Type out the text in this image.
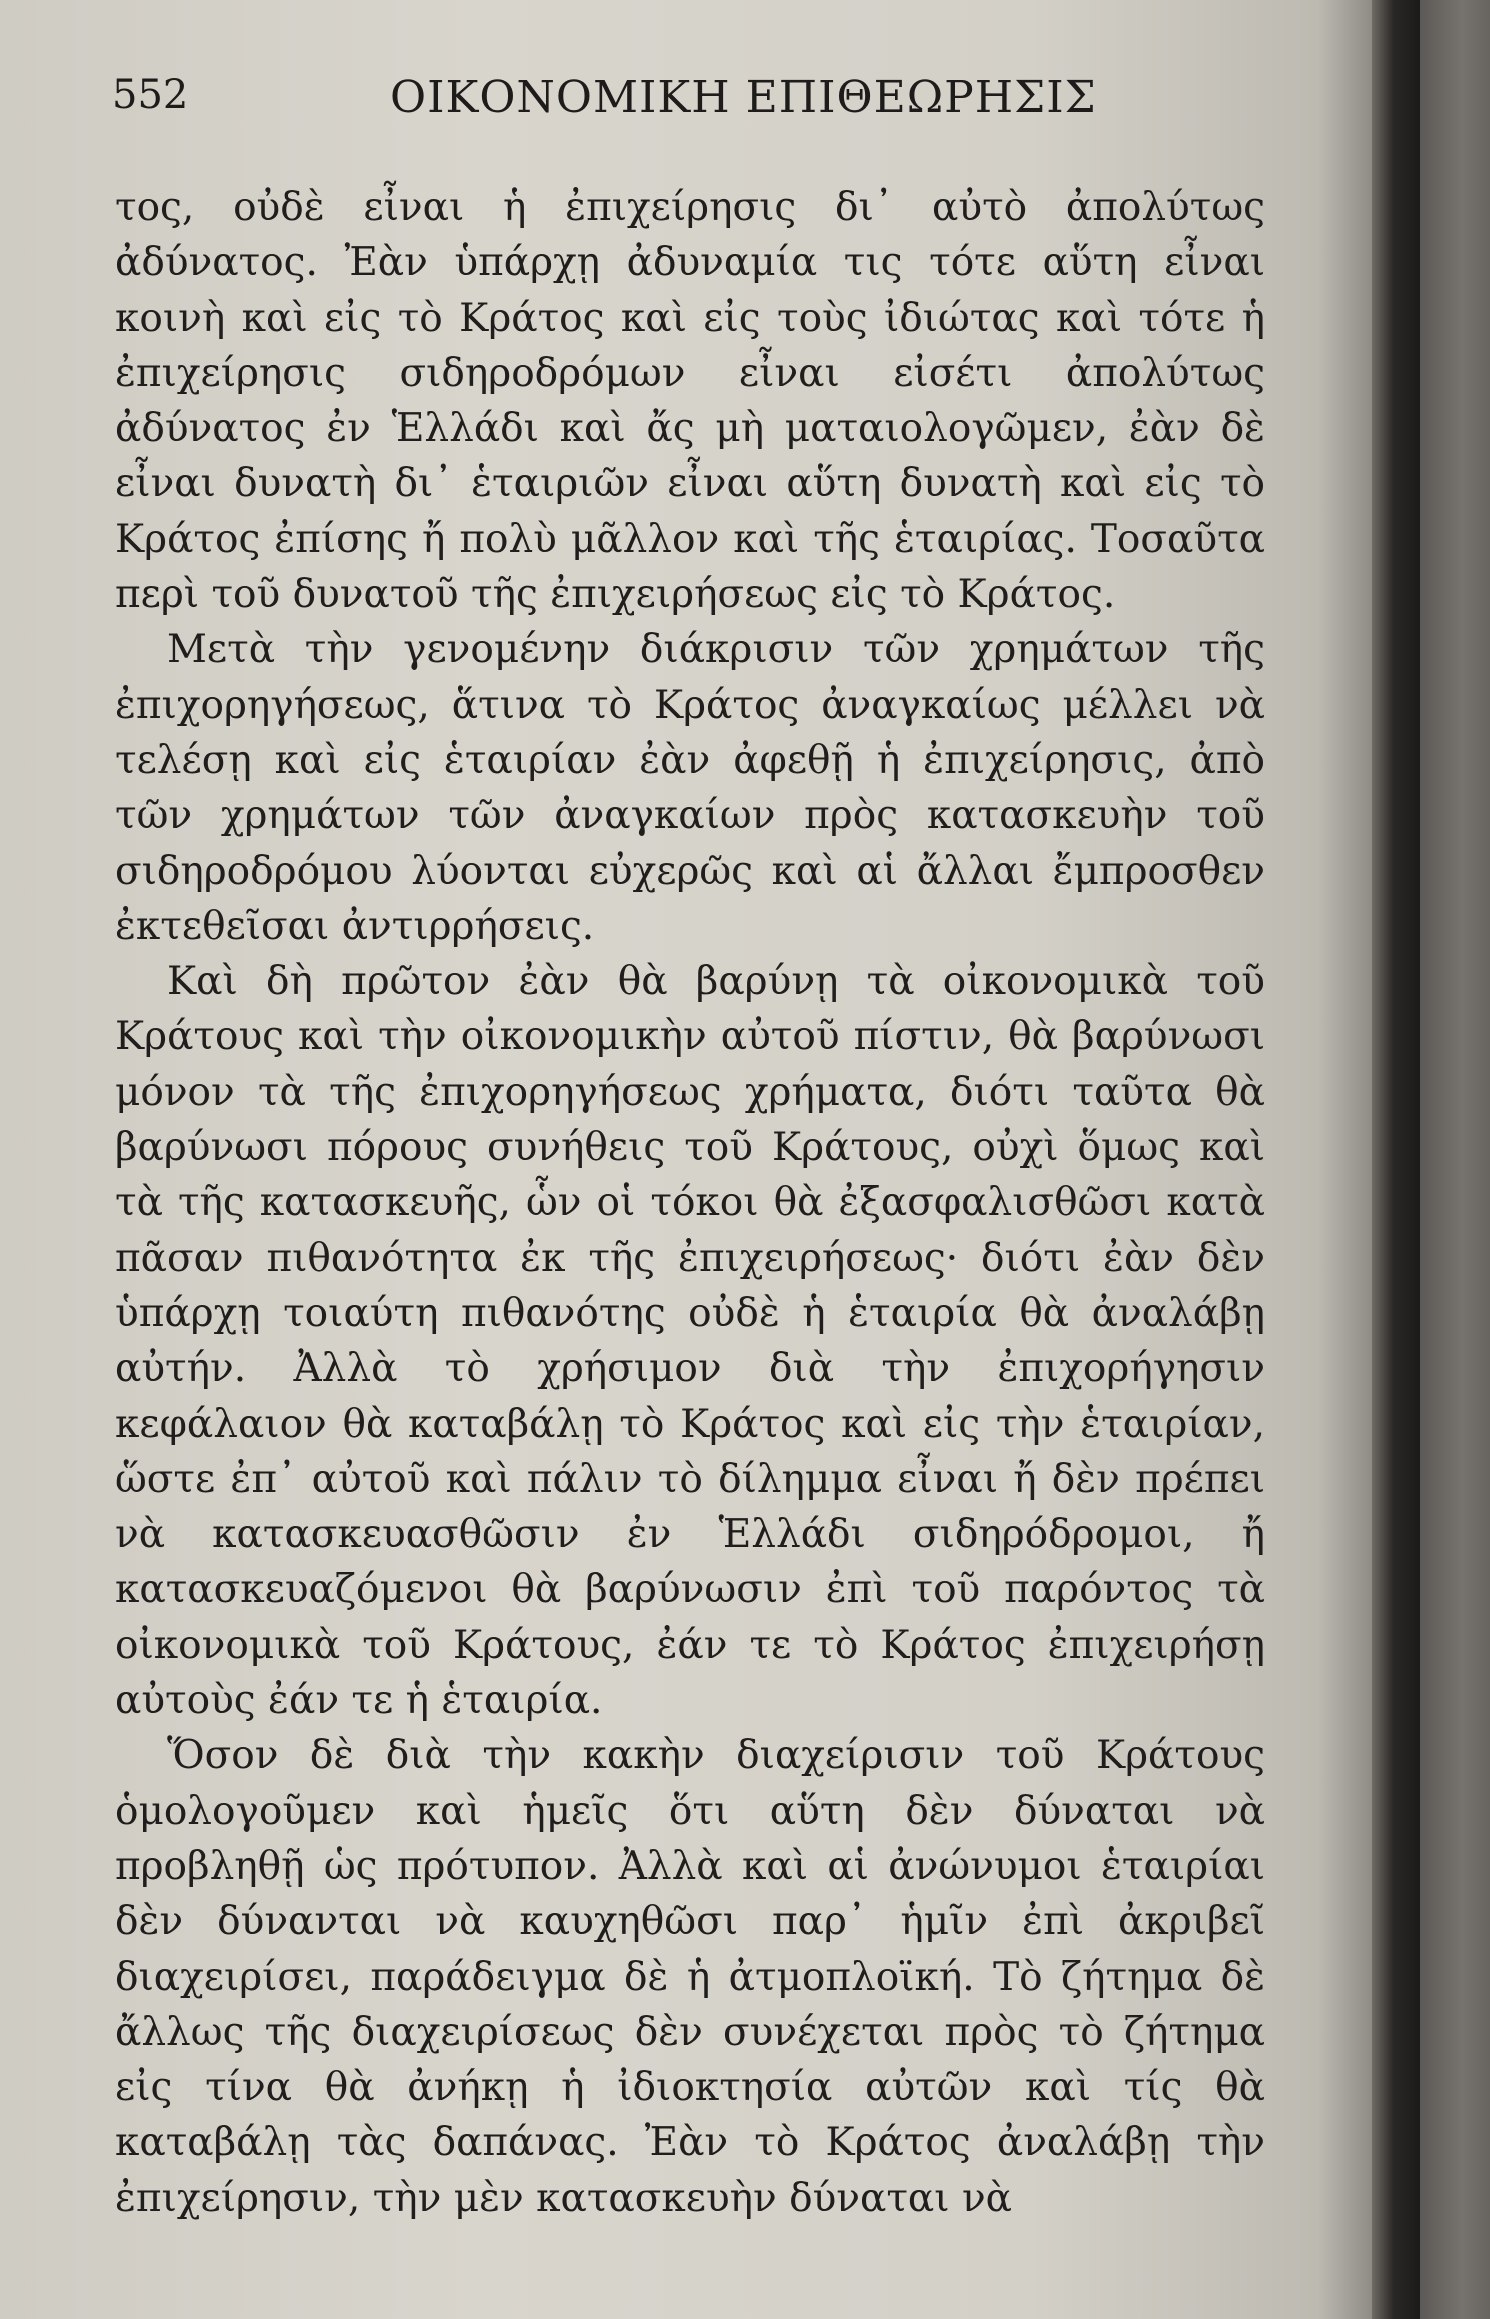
552	ΟΙΚΟΝΟΜΙΚΗ ΕΠΙΘΕΩΡΗΣΙΣ

τος, οὐδὲ εἶναι ἡ ἐπιχείρησις δι᾽ αὐτὸ ἀπολύτως ἀδύνατος. Ἐὰν ὑπάρχῃ ἀδυναμία τις τότε αὕτη εἶναι κοινὴ καὶ εἰς τὸ Κράτος καὶ εἰς τοὺς ἰδιώτας καὶ τότε ἡ ἐπιχείρησις σιδηροδρόμων εἶναι εἰσέτι ἀπολύτως ἀδύνατος ἐν Ἑλλάδι καὶ ἄς μὴ ματαιολογῶμεν, ἐὰν δὲ εἶναι δυνατὴ δι᾽ ἑταιριῶν εἶναι αὕτη δυνατὴ καὶ εἰς τὸ Κράτος ἐπίσης ἤ πολὺ μᾶλλον καὶ τῆς ἑταιρίας. Τοσαῦτα περὶ τοῦ δυνατοῦ τῆς ἐπιχειρήσεως εἰς τὸ Κράτος.

Μετὰ τὴν γενομένην διάκρισιν τῶν χρημάτων τῆς ἐπιχορηγήσεως, ἅτινα τὸ Κράτος ἀναγκαίως μέλλει νὰ τελέσῃ καὶ εἰς ἑταιρίαν ἐὰν ἀφεθῇ ἡ ἐπιχείρησις, ἀπὸ τῶν χρημάτων τῶν ἀναγκαίων πρὸς κατασκευὴν τοῦ σιδηροδρόμου λύονται εὐχερῶς καὶ αἱ ἄλλαι ἔμπροσθεν ἐκτεθεῖσαι ἀντιρρήσεις.

Καὶ δὴ πρῶτον ἐὰν θὰ βαρύνῃ τὰ οἰκονομικὰ τοῦ Κράτους καὶ τὴν οἰκονομικὴν αὐτοῦ πίστιν, θὰ βαρύνωσι μόνον τὰ τῆς ἐπιχορηγήσεως χρήματα, διότι ταῦτα θὰ βαρύνωσι πόρους συνήθεις τοῦ Κράτους, οὐχὶ ὅμως καὶ τὰ τῆς κατασκευῆς, ὧν οἱ τόκοι θὰ ἐξασφαλισθῶσι κατὰ πᾶσαν πιθανότητα ἐκ τῆς ἐπιχειρήσεως· διότι ἐὰν δὲν ὑπάρχῃ τοιαύτη πιθανότης οὐδὲ ἡ ἑταιρία θὰ ἀναλάβῃ αὐτήν. Ἀλλὰ τὸ χρήσιμον διὰ τὴν ἐπιχορήγησιν κεφάλαιον θὰ καταβάλῃ τὸ Κράτος καὶ εἰς τὴν ἑταιρίαν, ὥστε ἐπ᾽ αὐτοῦ καὶ πάλιν τὸ δίλημμα εἶναι ἤ δὲν πρέπει νὰ κατασκευασθῶσιν ἐν Ἑλλάδι σιδηρόδρομοι, ἤ κατασκευαζόμενοι θὰ βαρύνωσιν ἐπὶ τοῦ παρόντος τὰ οἰκονομικὰ τοῦ Κράτους, ἐάν τε τὸ Κράτος ἐπιχειρήσῃ αὐτοὺς ἐάν τε ἡ ἑταιρία.

Ὅσον δὲ διὰ τὴν κακὴν διαχείρισιν τοῦ Κράτους ὁμολογοῦμεν καὶ ἡμεῖς ὅτι αὕτη δὲν δύναται νὰ προβληθῇ ὡς πρότυπον. Ἀλλὰ καὶ αἱ ἀνώνυμοι ἑταιρίαι δὲν δύνανται νὰ καυχηθῶσι παρ᾽ ἡμῖν ἐπὶ ἀκριβεῖ διαχειρίσει, παράδειγμα δὲ ἡ ἀτμοπλοϊκή. Τὸ ζήτημα δὲ ἄλλως τῆς διαχειρίσεως δὲν συνέχεται πρὸς τὸ ζήτημα εἰς τίνα θὰ ἀνήκῃ ἡ ἰδιοκτησία αὐτῶν καὶ τίς θὰ καταβάλῃ τὰς δαπάνας. Ἐὰν τὸ Κράτος ἀναλάβῃ τὴν ἐπιχείρησιν, τὴν μὲν κατασκευὴν δύναται νὰ
